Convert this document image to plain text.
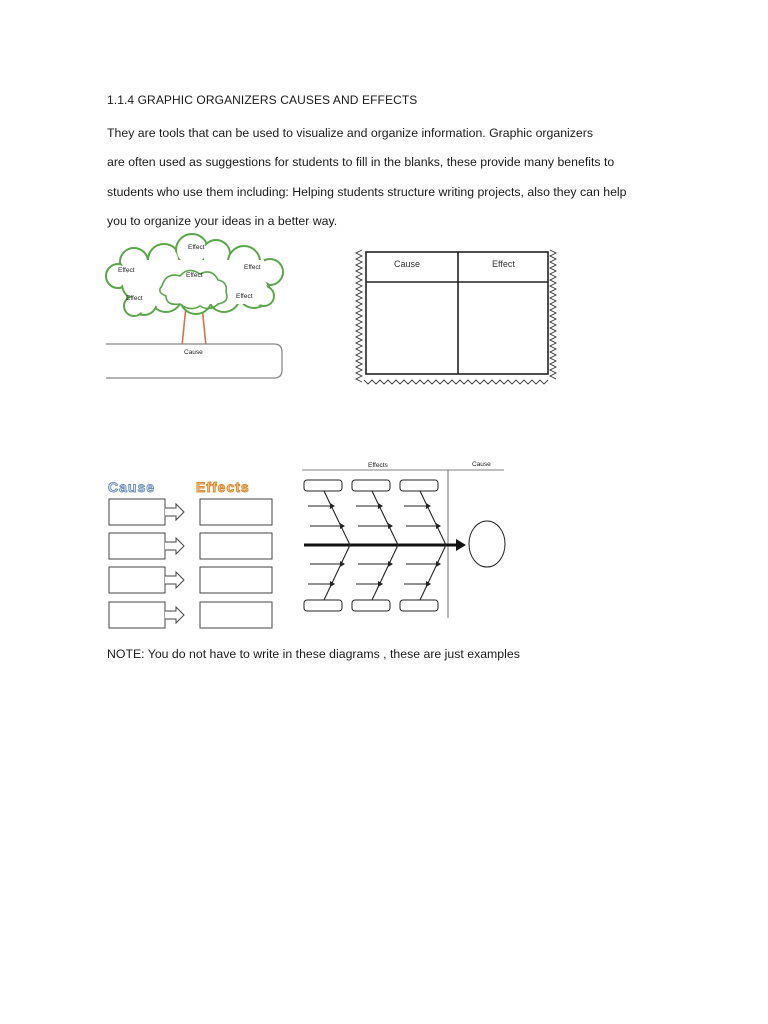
1.1.4 GRAPHIC ORGANIZERS CAUSES AND EFFECTS
They are tools that can be used to visualize and organize information. Graphic organizers
are often used as suggestions for students to fill in the blanks, these provide many benefits to
students who use them including: Helping students structure writing projects, also they can help
you to organize your ideas in a better way.
Effect
Effect
Effect
Effect
Effect	Effect
Cause
Cause	Effect
Cause	Effects
Effects	Cause
NOTE: You do not have to write in these diagrams , these are just examples
